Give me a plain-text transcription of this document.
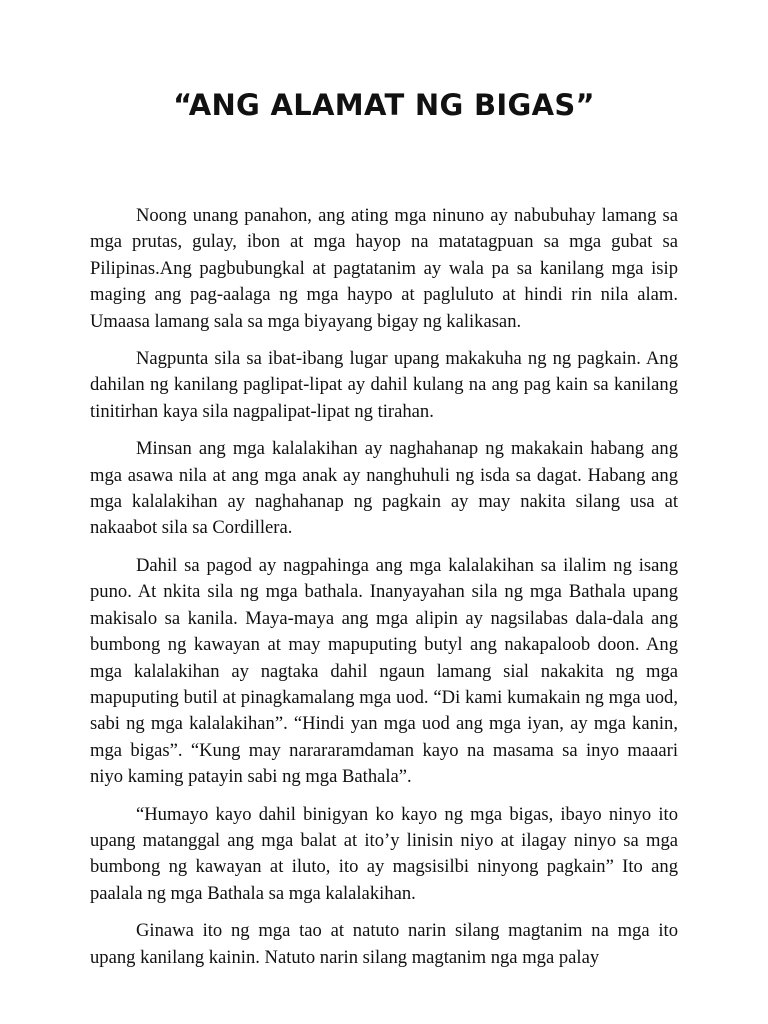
“ANG ALAMAT NG BIGAS”

Noong unang panahon, ang ating mga ninuno ay nabubuhay lamang sa mga prutas, gulay, ibon at mga hayop na matatagpuan sa mga gubat sa Pilipinas.Ang pagbubungkal at pagtatanim ay wala pa sa kanilang mga isip maging ang pag-aalaga ng mga haypo at pagluluto at hindi rin nila alam. Umaasa lamang sala sa mga biyayang bigay ng kalikasan.

Nagpunta sila sa ibat-ibang lugar upang makakuha ng ng pagkain. Ang dahilan ng kanilang paglipat-lipat ay dahil kulang na ang pag kain sa kanilang tinitirhan kaya sila nagpalipat-lipat ng tirahan.

Minsan ang mga kalalakihan ay naghahanap ng makakain habang ang mga asawa nila at ang mga anak ay nanghuhuli ng isda sa dagat. Habang ang mga kalalakihan ay naghahanap ng pagkain ay may nakita silang usa at nakaabot sila sa Cordillera.

Dahil sa pagod ay nagpahinga ang mga kalalakihan sa ilalim ng isang puno. At nkita sila ng mga bathala. Inanyayahan sila ng mga Bathala upang makisalo sa kanila. Maya-maya ang mga alipin ay nagsilabas dala-dala ang bumbong ng kawayan at may mapuputing butyl ang nakapaloob doon. Ang mga kalalakihan ay nagtaka dahil ngaun lamang sial nakakita ng mga mapuputing butil at pinagkamalang mga uod. “Di kami kumakain ng mga uod, sabi ng mga kalalakihan”. “Hindi yan mga uod ang mga iyan, ay mga kanin, mga bigas”. “Kung may narararamdaman kayo na masama sa inyo maaari niyo kaming patayin sabi ng mga Bathala”.

“Humayo kayo dahil binigyan ko kayo ng mga bigas, ibayo ninyo ito upang matanggal ang mga balat at ito’y linisin niyo at ilagay ninyo sa mga bumbong ng kawayan at iluto, ito ay magsisilbi ninyong pagkain” Ito ang paalala ng mga Bathala sa mga kalalakihan.

Ginawa ito ng mga tao at natuto narin silang magtanim na mga ito upang kanilang kainin. Natuto narin silang magtanim nga mga palay
